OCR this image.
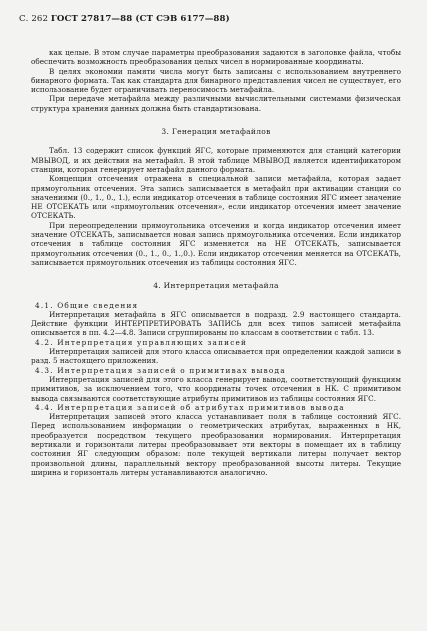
С. 262 ГОСТ 27817—88 (СТ СЭВ 6177—88)

как целые. В этом случае параметры преобразования задаются в заголовке файла, чтобы обеспечить возможность преобразования целых чисел в нормированные координаты.

В целях экономии памяти числа могут быть записаны с использованием внутреннего бинарного формата. Так как стандарта для бинарного представления чисел не существует, его использование будет ограничивать переносимость метафайла.

При передаче метафайла между различными вычислительными системами физическая структура хранения данных должна быть стандартизована.

3. Генерация метафайлов

Табл. 13 содержит список функций ЯГС, которые применяются для станций категории МВЫВОД, и их действия на метафайл. В этой таблице МВЫВОД является идентификатором станции, которая генерирует метафайл данного формата.

Концепция отсечения отражена в специальной записи метафайла, которая задает прямоугольник отсечения. Эта запись записывается в метафайл при активации станции со значениями (0., 1., 0., 1.), если индикатор отсечения в таблице состояния ЯГС имеет значение НЕ ОТСЕКАТЬ или «прямоугольник отсечения», если индикатор отсечения имеет значение ОТСЕКАТЬ.

При переопределении прямоугольника отсечения и когда индикатор отсечения имеет значение ОТСЕКАТЬ, записывается новая запись прямоугольника отсечения. Если индикатор отсечения в таблице состояния ЯГС изменяется на НЕ ОТСЕКАТЬ, записывается прямоугольник отсечения (0., 1., 0., 1.,0.). Если индикатор отсечения меняется на ОТСЕКАТЬ, записывается прямоугольник отсечения из таблицы состояния ЯГС.

4. Интерпретация метафайла
4.1. Общие сведения

Интерпретация метафайла в ЯГС описывается в подразд. 2.9 настоящего стандарта. Действие функции ИНТЕРПРЕТИРОВАТЬ ЗАПИСЬ для всех типов записей метафайла описывается в пп. 4.2—4.8. Записи сгруппированы по классам в соответствии с табл. 13.

4.2. Интерпретация управляющих записей

Интерпретация записей для этого класса описывается при определении каждой записи в разд. 5 настоящего приложения.

4.3. Интерпретация записей о примитивах вывода

Интерпретация записей для этого класса генерирует вывод, соответствующий функциям примитивов, за исключением того, что координаты точек отсечения в НК. С примитивом вывода связываются соответствующие атрибуты примитивов из таблицы состояния ЯГС.

4.4. Интерпретация записей об атрибутах примитивов вывода

Интерпретация записей этого класса устанавливает поля в таблице состояний ЯГС. Перед использованием информации о геометрических атрибутах, выраженных в НК, преобразуется посредством текущего преобразования нормирования. Интерпретация вертикали и горизонтали литеры преобразовывает эти векторы в помещает их в таблицу состояния ЯГ следующим образом: поле текущей вертикали литеры получает вектор произвольной длины, параллельный вектору преобразованной высоты литеры. Текущие ширина и горизонталь литеры устанавливаются аналогично.
